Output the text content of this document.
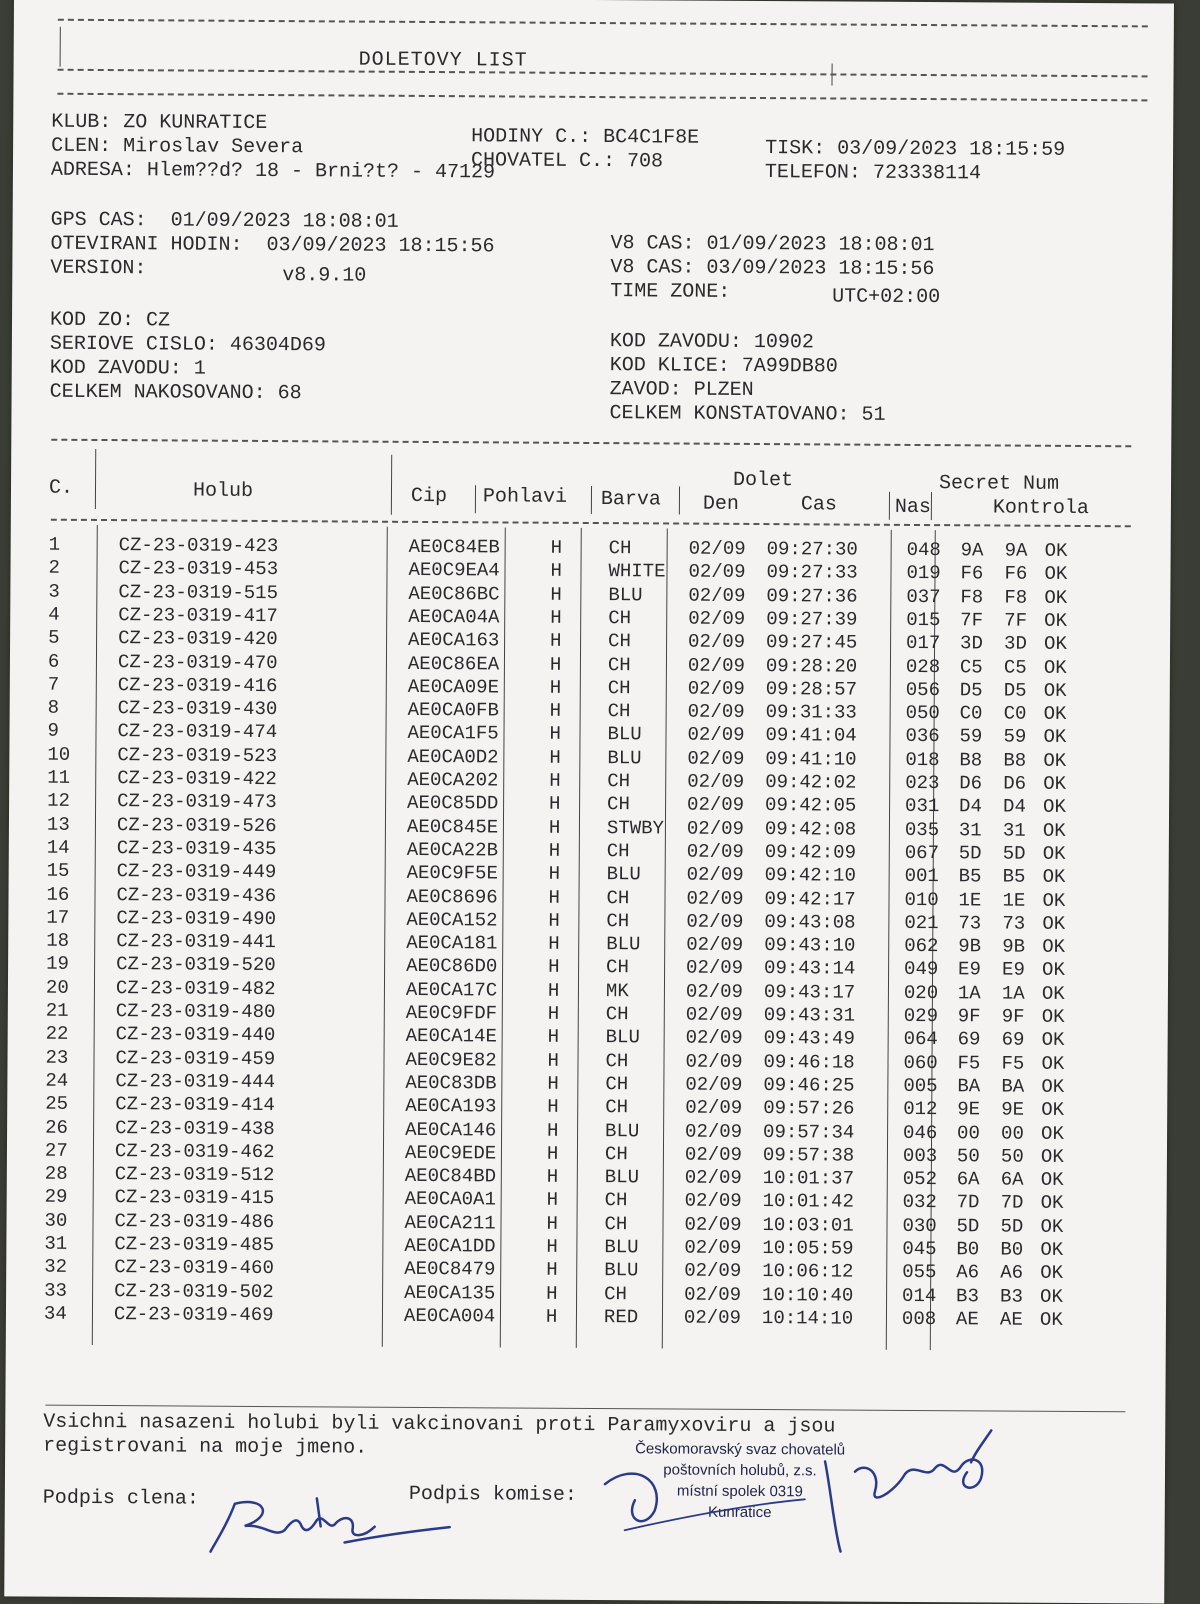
DOLETOVY LIST
KLUB: ZO KUNRATICE
CLEN: Miroslav Severa
ADRESA: Hlem??d? 18 - Brni?t? - 47129
HODINY C.: BC4C1F8E
CHOVATEL C.: 708	TISK: 03/09/2023 18:15:59
TELEFON: 723338114
GPS CAS:  01/09/2023 18:08:01
OTEVIRANI HODIN:  03/09/2023 18:15:56
VERSION:	v8.9.10
V8 CAS: 01/09/2023 18:08:01
V8 CAS: 03/09/2023 18:15:56
TIME ZONE:	UTC+02:00
KOD ZO: CZ
SERIOVE CISLO: 46304D69
KOD ZAVODU: 1
CELKEM NAKOSOVANO: 68
KOD ZAVODU: 10902
KOD KLICE: 7A99DB80
ZAVOD: PLZEN
CELKEM KONSTATOVANO: 51
C.	Holub	Cip Pohlavi Barva
Dolet
Den	Cas	Nas
Secret Num
Kontrola
1	CZ-23-0319-423	AE0C84EB	H CH	02/09 09:27:30	048 9A 9A OK
2	CZ-23-0319-453	AE0C9EA4	H WHITE 02/09 09:27:33	019 F6 F6 OK
3	CZ-23-0319-515	AE0C86BC	H BLU 02/09 09:27:36	037 F8 F8 OK
4	CZ-23-0319-417	AE0CA04A	H CH	02/09 09:27:39	015 7F 7F OK
5	CZ-23-0319-420	AE0CA163	H CH	02/09 09:27:45	017 3D 3D OK
6	CZ-23-0319-470	AE0C86EA	H CH	02/09 09:28:20	028 C5 C5 OK
7	CZ-23-0319-416	AE0CA09E	H CH	02/09 09:28:57	056 D5 D5 OK
8	CZ-23-0319-430	AE0CA0FB	H CH	02/09 09:31:33	050 C0 C0 OK
9	CZ-23-0319-474	AE0CA1F5	H BLU 02/09 09:41:04	036 59 59 OK
10 CZ-23-0319-523	AE0CA0D2	H BLU 02/09 09:41:10	018 B8 B8 OK
11 CZ-23-0319-422	AE0CA202	H CH	02/09 09:42:02	023 D6 D6 OK
12 CZ-23-0319-473	AE0C85DD	H CH	02/09 09:42:05	031 D4 D4 OK
13 CZ-23-0319-526	AE0C845E	H STWBY 02/09 09:42:08	035 31 31 OK
14 CZ-23-0319-435	AE0CA22B	H CH	02/09 09:42:09	067 5D 5D OK
15 CZ-23-0319-449	AE0C9F5E	H BLU 02/09 09:42:10	001 B5 B5 OK
16 CZ-23-0319-436	AE0C8696	H CH	02/09 09:42:17	010 1E 1E OK
17 CZ-23-0319-490	AE0CA152	H CH	02/09 09:43:08	021 73 73 OK
18 CZ-23-0319-441	AE0CA181	H BLU 02/09 09:43:10	062 9B 9B OK
19 CZ-23-0319-520	AE0C86D0	H CH	02/09 09:43:14	049 E9 E9 OK
20 CZ-23-0319-482	AE0CA17C	H MK	02/09 09:43:17	020 1A 1A OK
21 CZ-23-0319-480	AE0C9FDF	H CH	02/09 09:43:31	029 9F 9F OK
22 CZ-23-0319-440	AE0CA14E	H BLU 02/09 09:43:49	064 69 69 OK
23 CZ-23-0319-459	AE0C9E82	H CH	02/09 09:46:18	060 F5 F5 OK
24 CZ-23-0319-444	AE0C83DB	H CH	02/09 09:46:25	005 BA BA OK
25 CZ-23-0319-414	AE0CA193	H CH	02/09 09:57:26	012 9E 9E OK
26 CZ-23-0319-438	AE0CA146	H BLU 02/09 09:57:34	046 00 00 OK
27 CZ-23-0319-462	AE0C9EDE	H CH	02/09 09:57:38	003 50 50 OK
28 CZ-23-0319-512	AE0C84BD	H BLU 02/09 10:01:37	052 6A 6A OK
29 CZ-23-0319-415	AE0CA0A1	H CH	02/09 10:01:42	032 7D 7D OK
30 CZ-23-0319-486	AE0CA211	H CH	02/09 10:03:01	030 5D 5D OK
31 CZ-23-0319-485	AE0CA1DD	H BLU 02/09 10:05:59	045 B0 B0 OK
32 CZ-23-0319-460	AE0C8479	H BLU 02/09 10:06:12	055 A6 A6 OK
33 CZ-23-0319-502	AE0CA135	H CH	02/09 10:10:40	014 B3 B3 OK
34 CZ-23-0319-469	AE0CA004	H RED 02/09 10:14:10	008 AE AE OK
Vsichni nasazeni holubi byli vakcinovani proti Paramyxoviru a jsou
registrovani na moje jmeno.
Podpis clena:	Podpis komise:
Českomoravský svaz chovatelů
poštovních holubů, z.s.
místní spolek 0319
Kunratice
